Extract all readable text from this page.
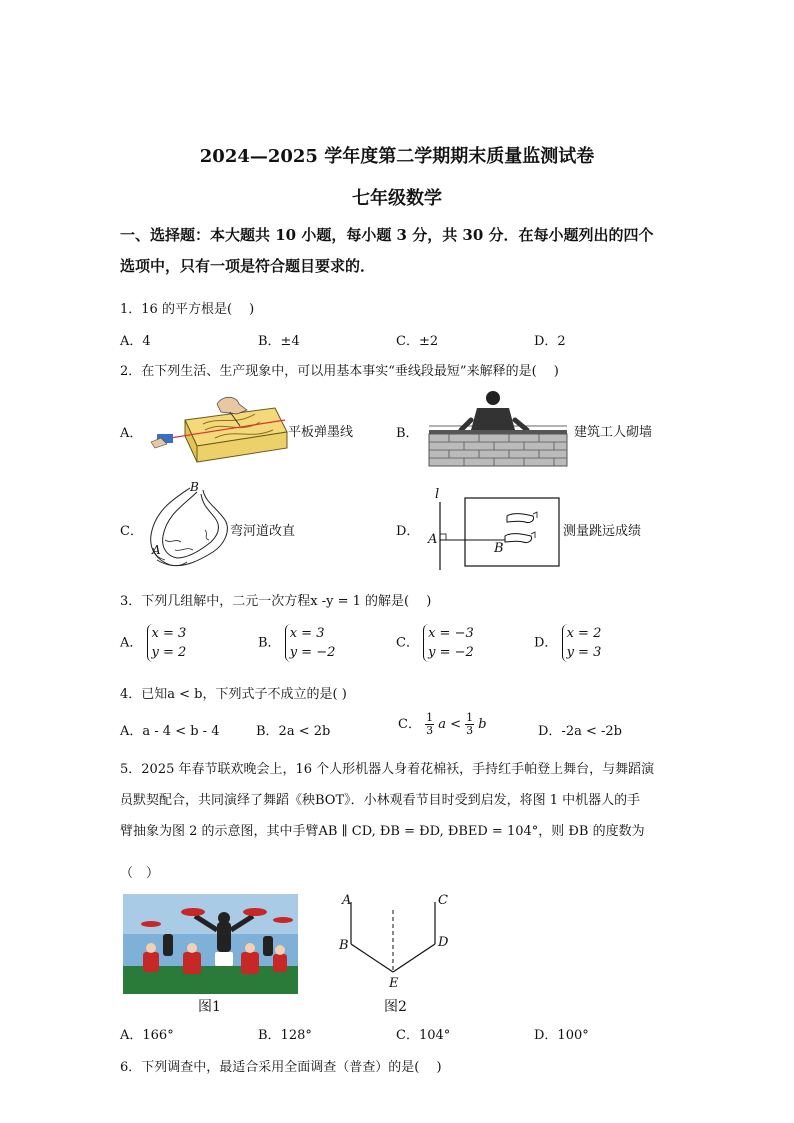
2024—2025 学年度第二学期期末质量监测试卷
七年级数学
一、选择题：本大题共 10 小题，每小题 3 分，共 30 分．在每小题列出的四个
选项中，只有一项是符合题目要求的．
1．16 的平方根是(　 )
A．4	B．±4	C．±2	D．2
2．在下列生活、生产现象中，可以用基本事实“垂线段最短”来解释的是(　 )
A．	平板弹墨线	B．	建筑工人砌墙
C．
B
A
弯河道改直	D．
l
A
B
测量跳远成绩
3．下列几组解中，二元一次方程x -y = 1 的解是(　 )
A． x = 3
y = 2
B． x = 3
y = −2
C． x = −3
y = −2
D． x = 2
y = 3
4．已知a < b，下列式子不成立的是( )
A．a - 4 < b - 4	B．2a < 2b	C． $\frac{1}{3}$ $a < \frac{1}{3}$ b	D．-2a < -2b
5．2025 年春节联欢晚会上，16 个人形机器人身着花棉袄，手持红手帕登上舞台，与舞蹈演
员默契配合，共同演绎了舞蹈《秧BOT》．小林观看节目时受到启发，将图 1 中机器人的手
臂抽象为图 2 的示意图，其中手臂AB ∥ CD, ÐB = ÐD, ÐBED = 104°，则 ÐB 的度数为
（　）
图1
A
B
C
D
E
图2
A．166°	B．128°	C．104°	D．100°
6．下列调查中，最适合采用全面调查（普查）的是(　 )
